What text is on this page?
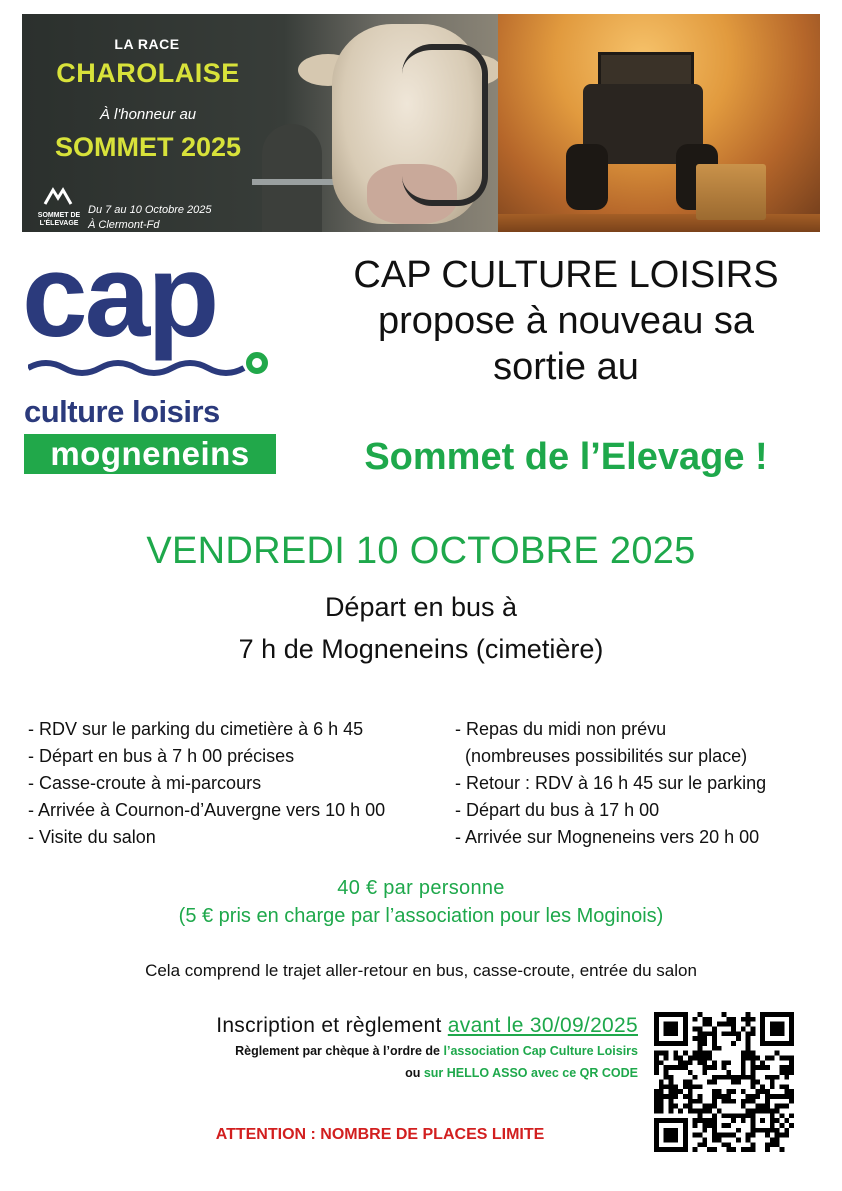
LA RACE
CHAROLAISE
À l'honneur au
SOMMET 2025
SOMMET DE L'ÉLEVAGE
Du 7 au 10 Octobre 2025
À Clermont-Fd
cap
culture loisirs
mogneneins
CAP CULTURE LOISIRS
propose à nouveau sa
sortie au
Sommet de l’Elevage !
VENDREDI 10 OCTOBRE 2025
Départ en bus à
7 h de Mogneneins (cimetière)
- RDV sur le parking du cimetière à 6 h 45
- Départ en bus à 7 h 00 précises
- Casse-croute à mi-parcours
- Arrivée à Cournon-d’Auvergne vers 10 h 00
- Visite du salon
- Repas du midi non prévu
(nombreuses possibilités sur place)
- Retour : RDV à 16 h 45 sur le parking
- Départ du bus à 17 h 00
- Arrivée sur Mogneneins vers 20 h 00
40 € par personne
(5 € pris en charge par l’association pour les Moginois)
Cela comprend le trajet aller-retour en bus, casse-croute, entrée du salon
Inscription et règlement avant le 30/09/2025
Règlement par chèque à l’ordre de l’association Cap Culture Loisirs
ou sur HELLO ASSO avec ce QR CODE
ATTENTION : NOMBRE DE PLACES LIMITE
